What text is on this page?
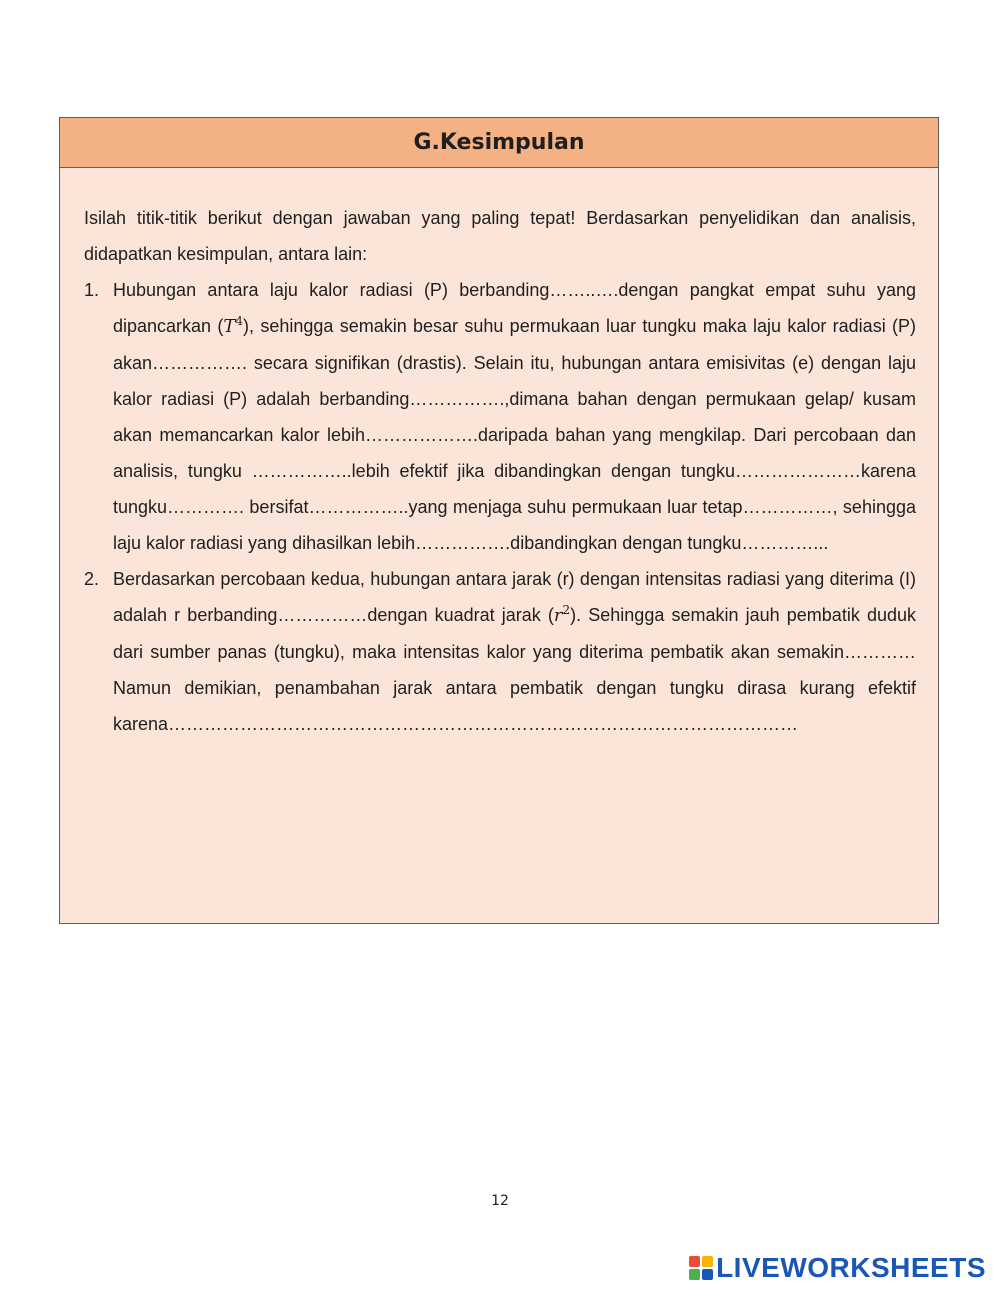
G.Kesimpulan

Isilah titik-titik berikut dengan jawaban yang paling tepat! Berdasarkan penyelidikan dan analisis, didapatkan kesimpulan, antara lain:

1. Hubungan antara laju kalor radiasi (P) berbanding……..….dengan pangkat empat suhu yang dipancarkan $(T^4)$, sehingga semakin besar suhu permukaan luar tungku maka laju kalor radiasi (P) akan……………. secara signifikan (drastis). Selain itu, hubungan antara emisivitas (e) dengan laju kalor radiasi (P) adalah berbanding…………….,dimana bahan dengan permukaan gelap/ kusam akan memancarkan kalor lebih……………….daripada bahan yang mengkilap. Dari percobaan dan analisis, tungku ……………..lebih efektif jika dibandingkan dengan tungku…………………karena tungku…………. bersifat……………..yang menjaga suhu permukaan luar tetap……………, sehingga laju kalor radiasi yang dihasilkan lebih…………….dibandingkan dengan tungku…………...
2. Berdasarkan percobaan kedua, hubungan antara jarak (r) dengan intensitas radiasi yang diterima (I) adalah r berbanding……………dengan kuadrat jarak $(r^2)$. Sehingga semakin jauh pembatik duduk dari sumber panas (tungku), maka intensitas kalor yang diterima pembatik akan semakin…………Namun demikian, penambahan jarak antara pembatik dengan tungku dirasa kurang efektif
karena……………………………………………………………………………………………
12
LIVEWORKSHEETS
